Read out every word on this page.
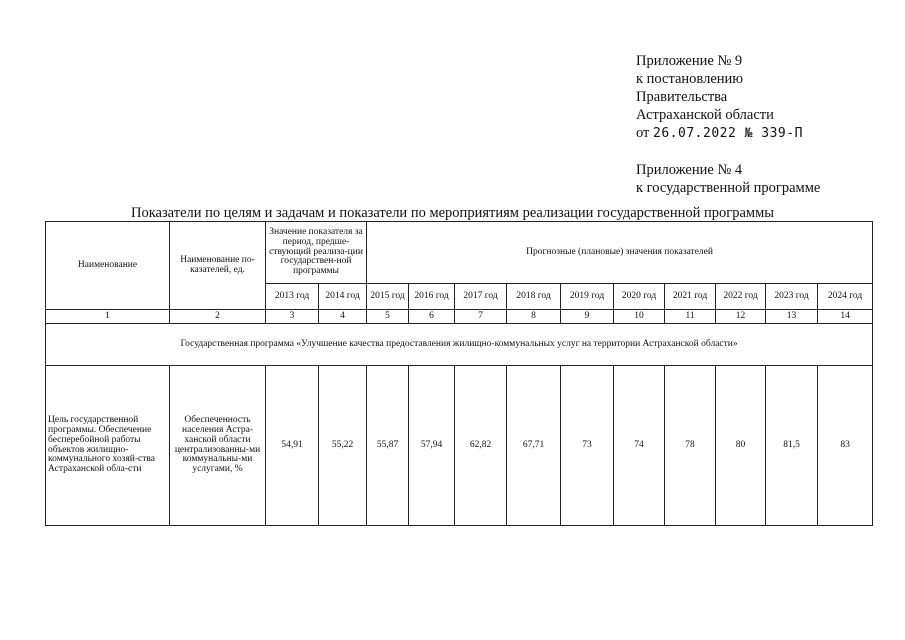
Приложение № 9
к постановлению
Правительства
Астраханской области
от 26.07.2022 № 339-П
Приложение № 4
к государственной программе
Показатели по целям и задачам и показатели по мероприятиям реализации государственной программы
Наименование	Наименование по-казателей, ед.	Значение показателя за период, предше-ствующий реализа-ции государствен-ной программы		Прогнозные (плановые) значения показателей									
		2013 год	2014 год	2015 год	2016 год	2017 год	2018 год	2019 год	2020 год	2021 год	2022 год	2023 год	2024 год
1	2	3	4	5	6	7	8	9	10	11	12	13	14
Государственная программа «Улучшение качества предоставления жилищно-коммунальных услуг на территории Астраханской области»													
Цель государственной программы. Обеспечение бесперебойной работы объектов жилищно-коммунального хозяй-ства Астраханской обла-сти	Обеспеченность населения Астра-ханской области централизованны-ми коммунальны-ми услугами, %	54,91	55,22	55,87	57,94	62,82	67,71	73	74	78	80	81,5	83
